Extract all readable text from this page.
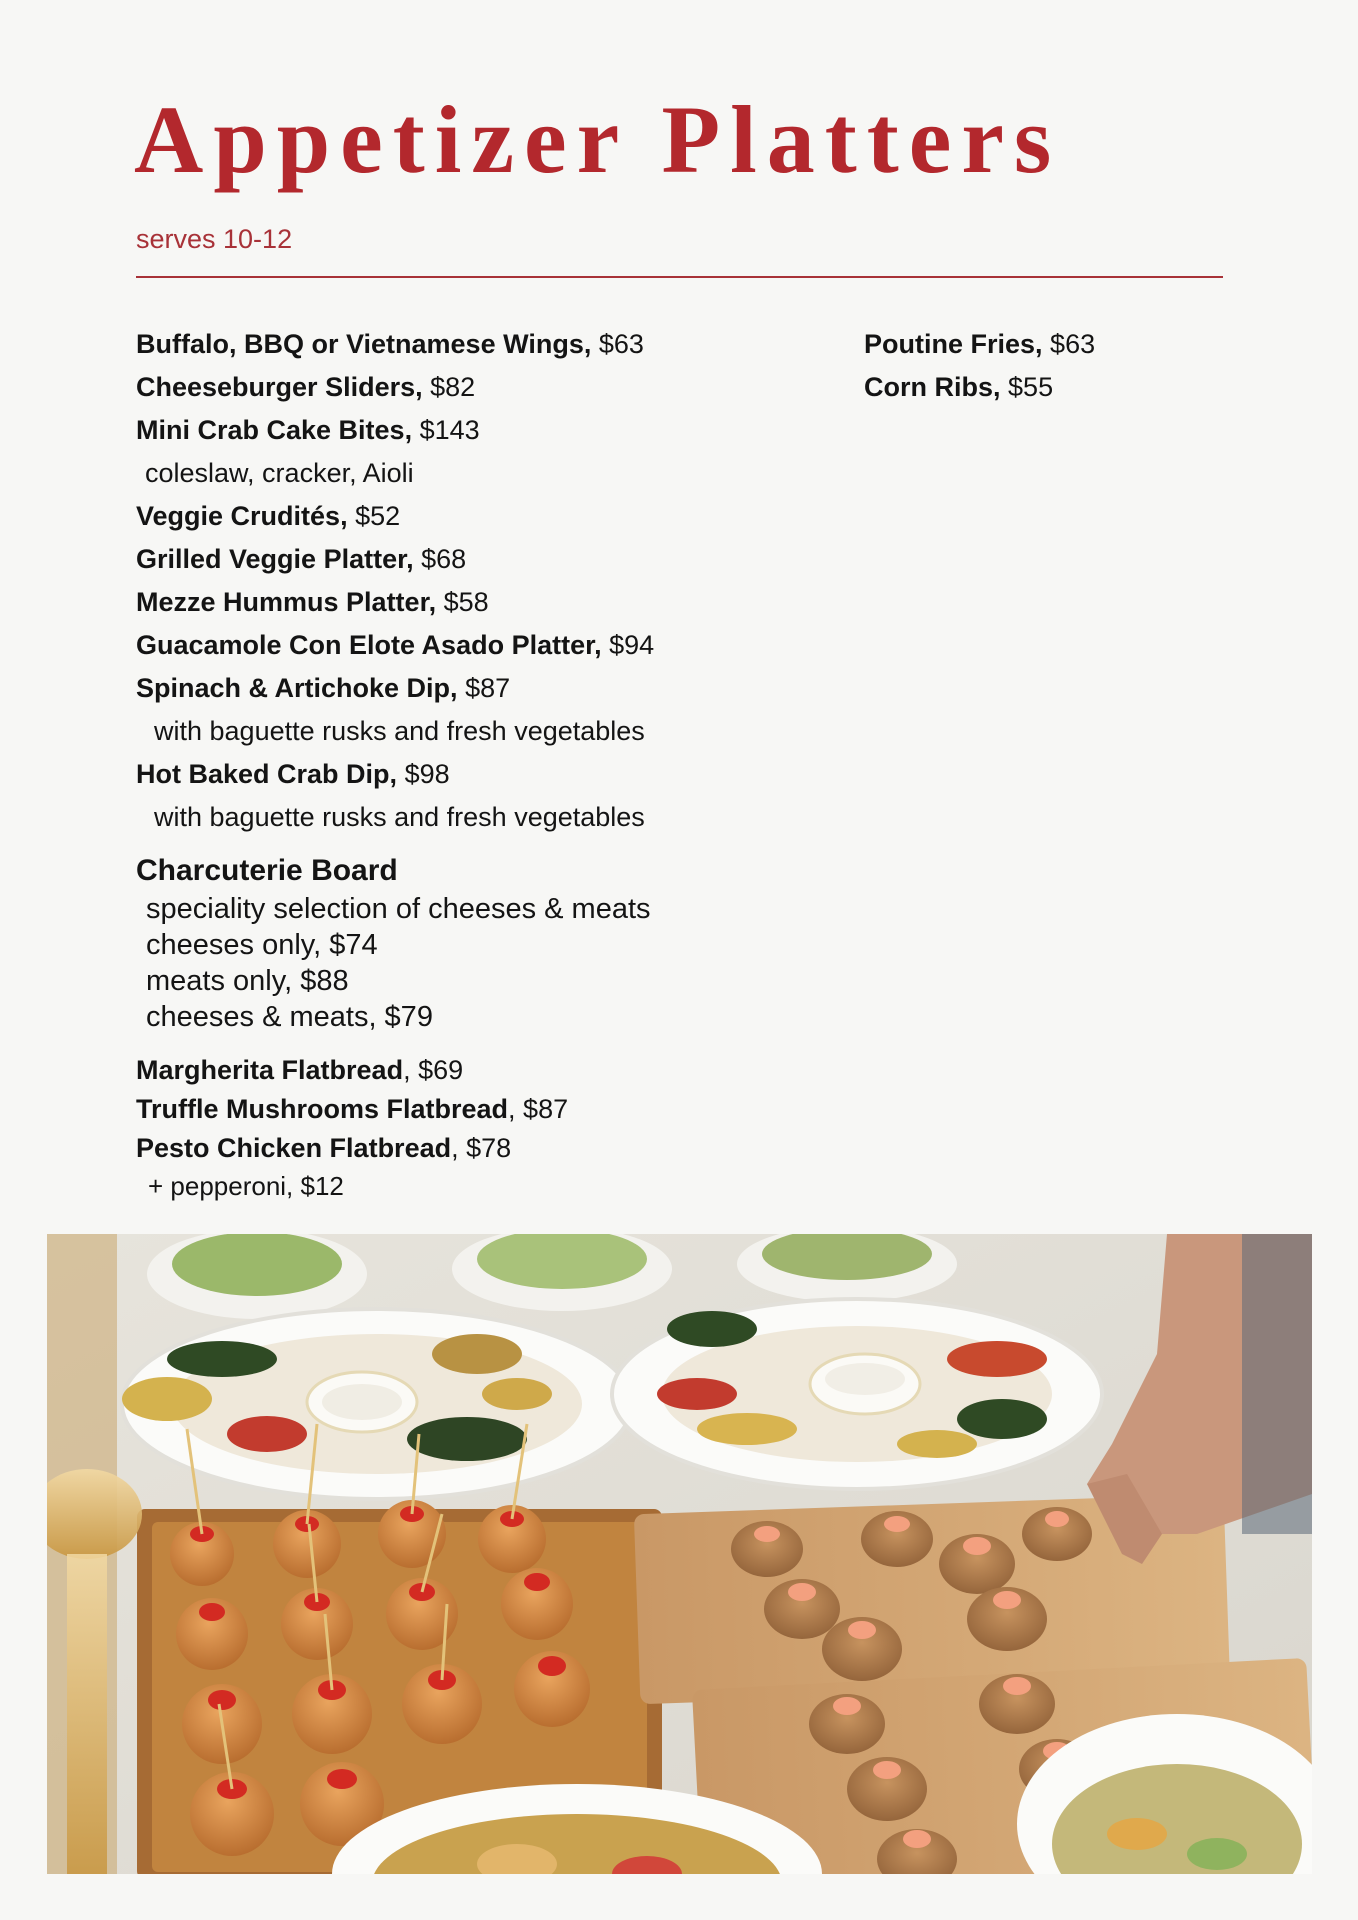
Appetizer Platters
serves 10-12
Buffalo, BBQ or Vietnamese Wings, $63
Cheeseburger Sliders, $82
Mini Crab Cake Bites, $143
coleslaw, cracker, Aioli
Veggie Crudités, $52
Grilled Veggie Platter, $68
Mezze Hummus Platter, $58
Guacamole Con Elote Asado Platter, $94
Spinach & Artichoke Dip, $87
with baguette rusks and fresh vegetables
Hot Baked Crab Dip, $98
with baguette rusks and fresh vegetables
Charcuterie Board
speciality selection of cheeses & meats
cheeses only, $74
meats only, $88
cheeses & meats, $79
Margherita Flatbread, $69
Truffle Mushrooms Flatbread, $87
Pesto Chicken Flatbread, $78
+ pepperoni, $12
Poutine Fries, $63
Corn Ribs, $55
